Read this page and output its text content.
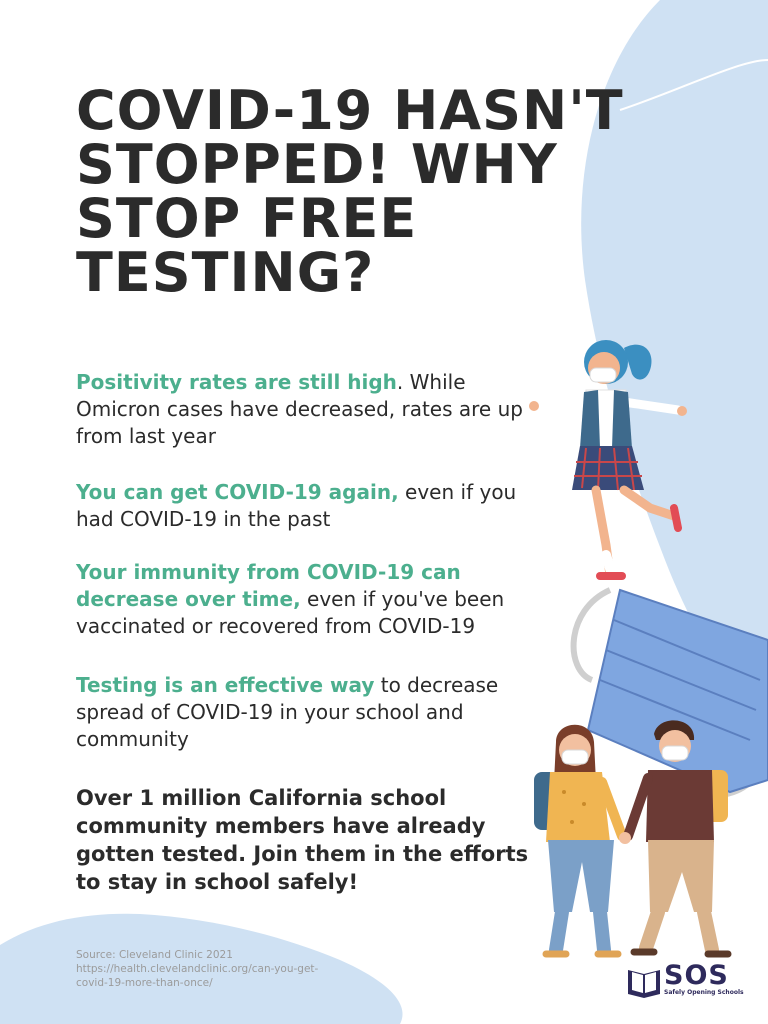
COVID-19 HASN'T
STOPPED! WHY
STOP FREE
TESTING?

Positivity rates are still high. While Omicron cases have decreased, rates are up from last year

You can get COVID-19 again, even if you had COVID-19 in the past

Your immunity from COVID-19 can decrease over time, even if you've been vaccinated or recovered from COVID-19

Testing is an effective way to decrease spread of COVID-19 in your school and community

Over 1 million California school community members have already gotten tested. Join them in the efforts to stay in school safely!

Source: Cleveland Clinic 2021
https://health.clevelandclinic.org/can-you-get-
covid-19-more-than-once/	SOS
Safely Opening Schools
